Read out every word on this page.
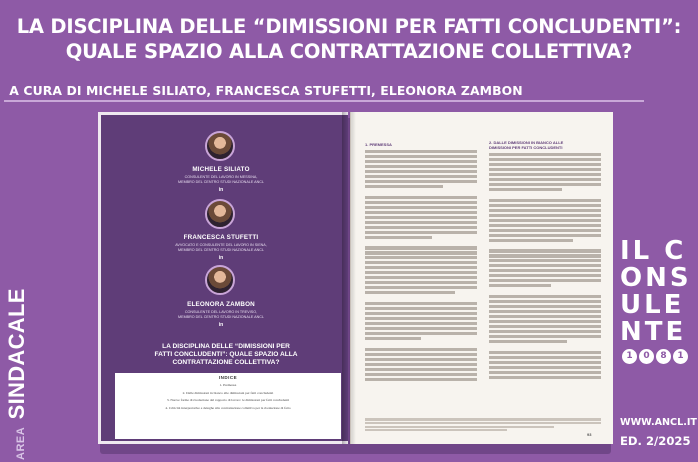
LA DISCIPLINA DELLE “DIMISSIONI PER FATTI CONCLUDENTI”:
QUALE SPAZIO ALLA CONTRATTAZIONE COLLETTIVA?
A CURA DI MICHELE SILIATO, FRANCESCA STUFETTI, ELEONORA ZAMBON
MICHELE SILIATO
CONSULENTE DEL LAVORO IN MESSINA,
MEMBRO DEL CENTRO STUDI NAZIONALE ANCL
in
FRANCESCA STUFETTI
AVVOCATO E CONSULENTE DEL LAVORO IN SIENA,
MEMBRO DEL CENTRO STUDI NAZIONALE ANCL
in
ELEONORA ZAMBON
CONSULENTE DEL LAVORO IN TREVISO,
MEMBRO DEL CENTRO STUDI NAZIONALE ANCL
in
LA DISCIPLINA DELLE “DIMISSIONI PER
FATTI CONCLUDENTI”: QUALE SPAZIO ALLA
CONTRATTAZIONE COLLETTIVA?
INDICE
1. Premessa
2. Dalle dimissioni in bianco alle dimissioni per fatti concludenti
3. Nuove forme di risoluzione del rapporto di lavoro: le dimissioni per fatti concludenti
4. Criticità interpretative e deleghe alla contrattazione collettiva per la risoluzione di fatto
1. PREMESSA	2. DALLE DIMISSIONI IN BIANCO ALLE
DIMISSIONI PER FATTI CONCLUDENTI
93
AREA SINDACALE
IL C
ONS
ULE
NTE
1	0	8	1
WWW.ANCL.IT
ED. 2/2025
